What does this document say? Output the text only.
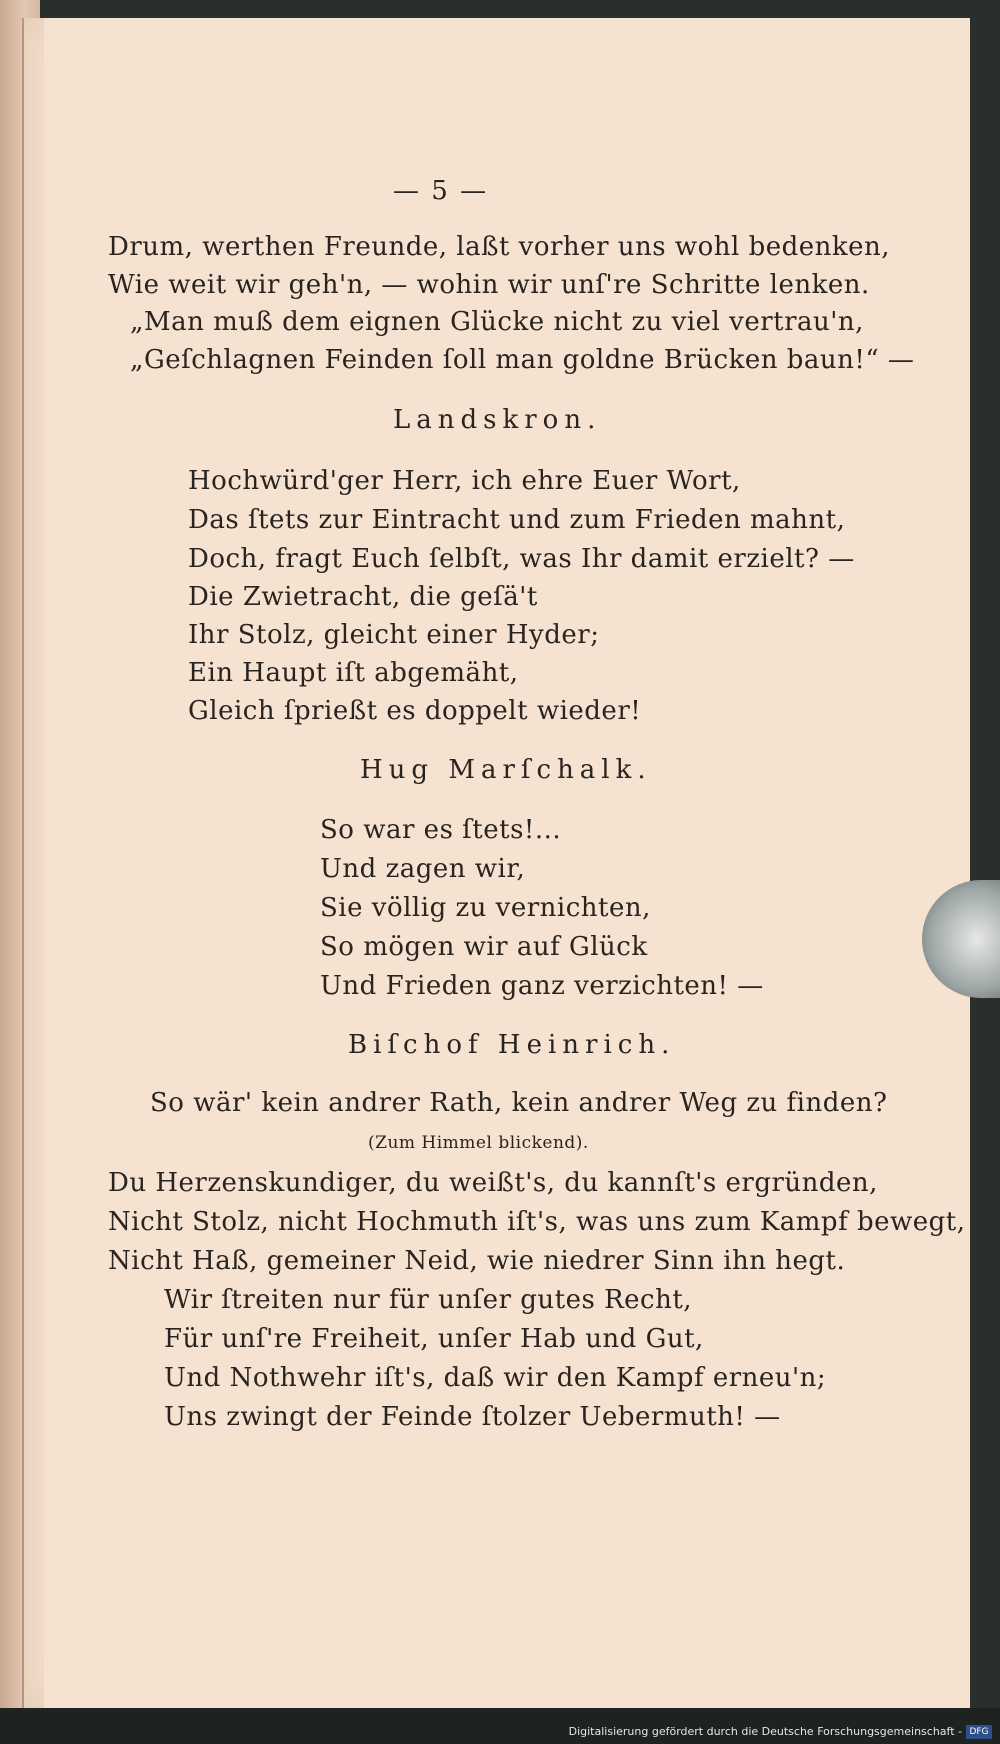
— 5 —
Drum, werthen Freunde, laßt vorher uns wohl bedenken,
Wie weit wir geh'n, — wohin wir unſ're Schritte lenken.
„Man muß dem eignen Glücke nicht zu viel vertrau'n,
„Geſchlagnen Feinden ſoll man goldne Brücken baun!“ —
Landskron.
Hochwürd'ger Herr, ich ehre Euer Wort,
Das ſtets zur Eintracht und zum Frieden mahnt,
Doch, fragt Euch ſelbſt, was Ihr damit erzielt? —
Die Zwietracht, die geſä't
Ihr Stolz, gleicht einer Hyder;
Ein Haupt iſt abgemäht,
Gleich ſprießt es doppelt wieder!
Hug Marſchalk.
So war es ſtets!...
Und zagen wir,
Sie völlig zu vernichten,
So mögen wir auf Glück
Und Frieden ganz verzichten! —
Biſchof Heinrich.
So wär' kein andrer Rath, kein andrer Weg zu finden?
(Zum Himmel blickend).
Du Herzenskundiger, du weißt's, du kannſt's ergründen,
Nicht Stolz, nicht Hochmuth iſt's, was uns zum Kampf bewegt,
Nicht Haß, gemeiner Neid, wie niedrer Sinn ihn hegt.
Wir ſtreiten nur für unſer gutes Recht,
Für unſ're Freiheit, unſer Hab und Gut,
Und Nothwehr iſt's, daß wir den Kampf erneu'n;
Uns zwingt der Feinde ſtolzer Uebermuth! —
Digitalisierung gefördert durch die Deutsche Forschungsgemeinschaft - DFG
